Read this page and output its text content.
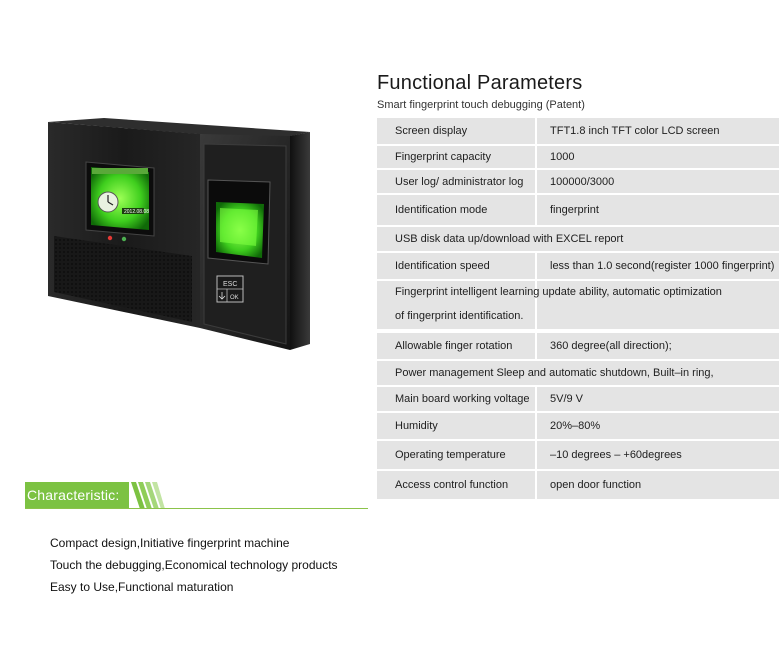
Functional Parameters
Smart fingerprint touch debugging (Patent)
2012.08.08
ESC
OK
Screen display	TFT1.8 inch TFT color LCD screen
Fingerprint capacity	1000
User log/ administrator log 100000/3000
Identification mode	fingerprint
USB disk data up/download with EXCEL report
Identification speed	less than 1.0 second(register 1000 fingerprint)
Fingerprint intelligent learning update ability, automatic optimization
of fingerprint identification.
Allowable finger rotation	360 degree(all direction);
Power management Sleep and automatic shutdown, Built–in ring,
Main board working voltage 5V/9 V
Humidity	20%–80%
Operating temperature	–10 degrees – +60degrees
Access control function	open door function
Characteristic:
Compact design,Initiative fingerprint machine
Touch the debugging,Economical technology products
Easy to Use,Functional maturation
